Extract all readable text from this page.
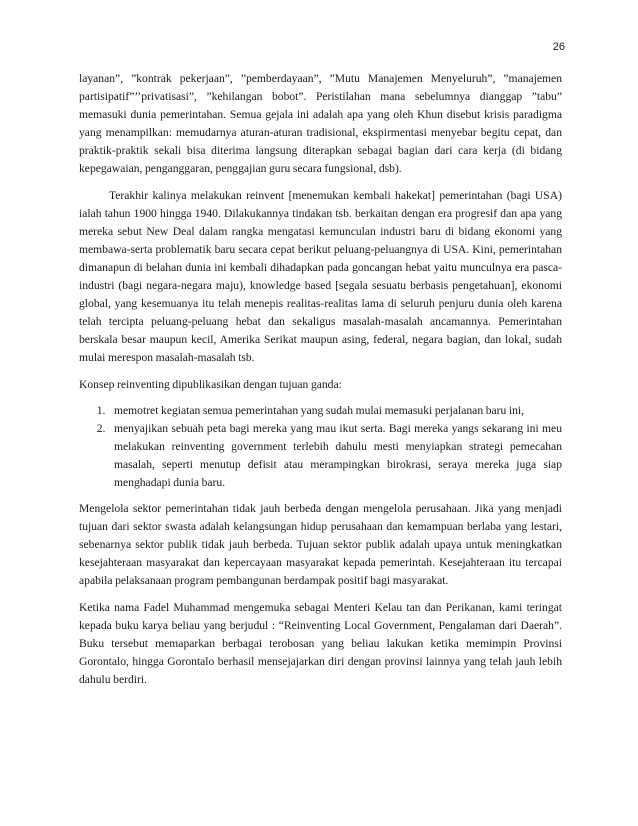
26

layanan”, ”kontrak pekerjaan”, ”pemberdayaan”, ”Mutu Manajemen Menyeluruh”, ”manajemen partisipatif”’’privatisasi”, ”kehilangan bobot”. Peristilahan mana sebelumnya dianggap ”tabu” memasuki dunia pemerintahan. Semua gejala ini adalah apa yang oleh Khun disebut krisis paradigma yang menampilkan: memudarnya aturan-aturan tradisional, ekspirmentasi menyebar begitu cepat, dan praktik-praktik sekali bisa diterima langsung diterapkan sebagai bagian dari cara kerja (di bidang kepegawaian, penganggaran, penggajian guru secara fungsional, dsb).

Terakhir kalinya melakukan reinvent [menemukan kembali hakekat] pemerintahan (bagi USA) ialah tahun 1900 hingga 1940. Dilakukannya tindakan tsb. berkaitan dengan era progresif dan apa yang mereka sebut New Deal dalam rangka mengatasi kemunculan industri baru di bidang ekonomi yang membawa-serta problematik baru secara cepat berikut peluang-peluangnya di USA. Kini, pemerintahan dimanapun di belahan dunia ini kembali dihadapkan pada goncangan hebat yaitu munculnya era pasca-industri (bagi negara-negara maju), knowledge based [segala sesuatu berbasis pengetahuan], ekonomi global, yang kesemuanya itu telah menepis realitas-realitas lama di seluruh penjuru dunia oleh karena telah tercipta peluang-peluang hebat dan sekaligus masalah-masalah ancamannya. Pemerintahan berskala besar maupun kecil, Amerika Serikat maupun asing, federal, negara bagian, dan lokal, sudah mulai merespon masalah-masalah tsb.

Konsep reinventing dipublikasikan dengan tujuan ganda:

1. memotret kegiatan semua pemerintahan yang sudah mulai memasuki perjalanan baru ini,
2. menyajikan sebuah peta bagi mereka yang mau ikut serta. Bagi mereka yangs sekarang ini meu melakukan reinventing government terlebih dahulu mesti menyiapkan strategi pemecahan masalah, seperti menutup defisit atau merampingkan birokrasi, seraya mereka juga siap menghadapi dunia baru.

Mengelola sektor pemerintahan tidak jauh berbeda dengan mengelola perusahaan. Jika yang menjadi tujuan dari sektor swasta adalah kelangsungan hidup perusahaan dan kemampuan berlaba yang lestari, sebenarnya sektor publik tidak jauh berbeda. Tujuan sektor publik adalah upaya untuk meningkatkan kesejahteraan masyarakat dan kepercayaan masyarakat kepada pemerintah. Kesejahteraan itu tercapai apabila pelaksanaan program pembangunan berdampak positif bagi masyarakat.

Ketika nama Fadel Muhammad mengemuka sebagai Menteri Kelau tan dan Perikanan, kami teringat kepada buku karya beliau yang berjudul : “Reinventing Local Government, Pengalaman dari Daerah”. Buku tersebut memaparkan berbagai terobosan yang beliau lakukan ketika memimpin Provinsi Gorontalo, hingga Gorontalo berhasil mensejajarkan diri dengan provinsi lainnya yang telah jauh lebih dahulu berdiri.
